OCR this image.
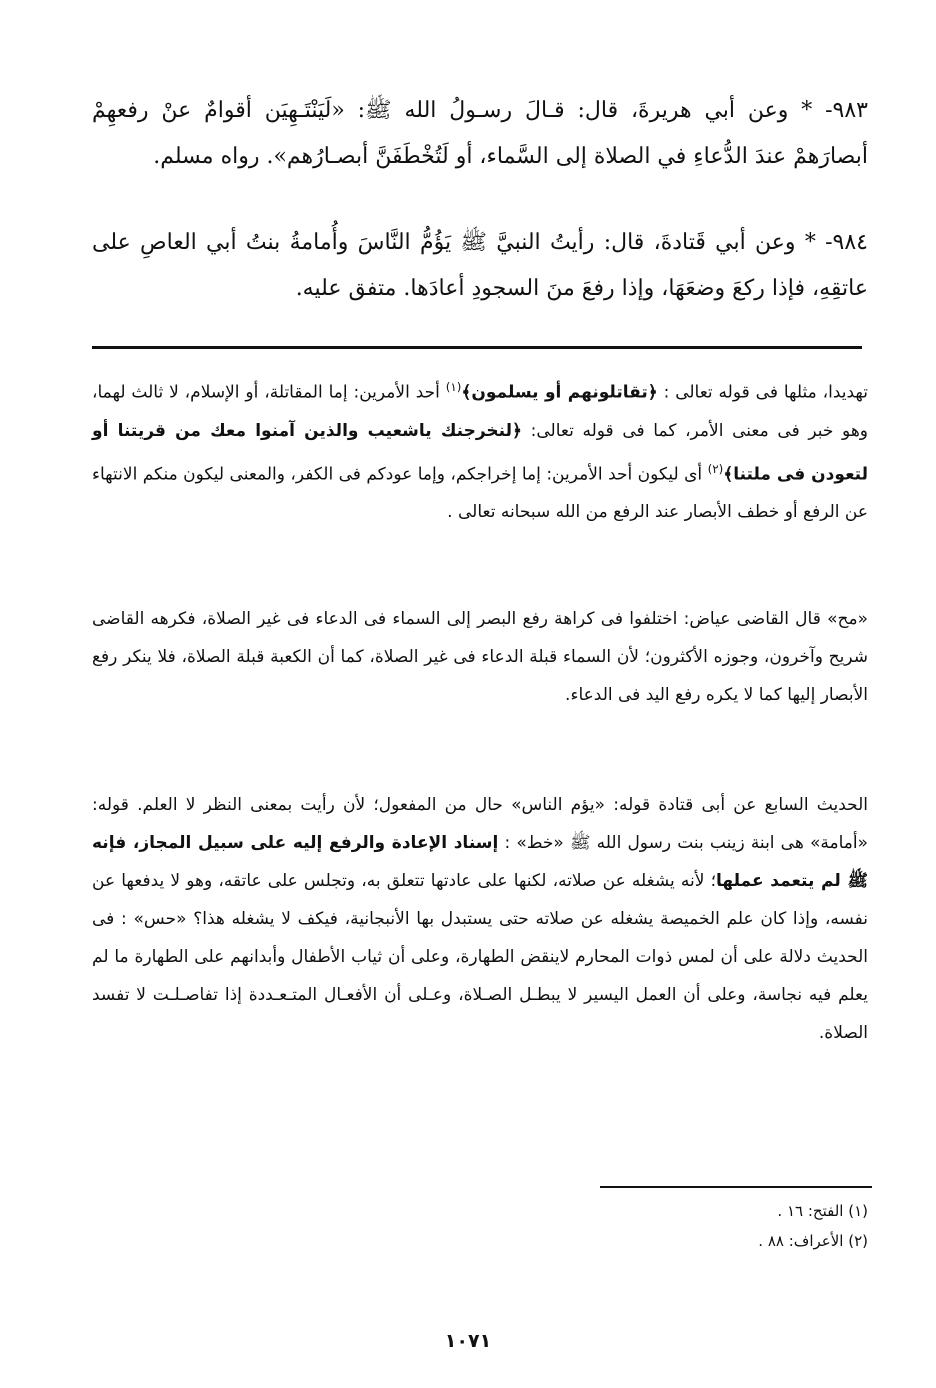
٩٨٣- * وعن أبي هريرةَ، قال: قـالَ رسـولُ الله ﷺ: «لَيَنْتَـهِيَن أقوامٌ عنْ رفعهِمْ أبصارَهمْ عندَ الدُّعاءِ في الصلاة إلى السَّماء، أو لَتُخْطَفَنَّ أبصـارُهم». رواه مسلم.

٩٨٤- * وعن أبي قَتادةَ، قال: رأيتُ النبيَّ ﷺ يَؤُمُّ النَّاسَ وأُمامةُ بنتُ أبي العاصِ على عاتقِهِ، فإذا ركعَ وضعَهَا، وإذا رفعَ منَ السجودِ أعادَها. متفق عليه.

تهديدا، مثلها فى قوله تعالى : ﴿تقاتلونهم أو يسلمون﴾$^{(١)}$ أحد الأمرين: إما المقاتلة، أو الإسلام، لا ثالث لهما، وهو خبر فى معنى الأمر، كما فى قوله تعالى: ﴿لنخرجنك ياشعيب والذين آمنوا معك من قريتنا أو لتعودن فى ملتنا﴾$^{(٢)}$ أى ليكون أحد الأمرين: إما إخراجكم، وإما عودكم فى الكفر، والمعنى ليكون منكم الانتهاء عن الرفع أو خطف الأبصار عند الرفع من الله سبحانه تعالى .

«مح» قال القاضى عياض: اختلفوا فى كراهة رفع البصر إلى السماء فى الدعاء فى غير الصلاة، فكرهه القاضى شريح وآخرون، وجوزه الأكثرون؛ لأن السماء قبلة الدعاء فى غير الصلاة، كما أن الكعبة قبلة الصلاة، فلا ينكر رفع الأبصار إليها كما لا يكره رفع اليد فى الدعاء.

الحديث السابع عن أبى قتادة قوله: «يؤم الناس» حال من المفعول؛ لأن رأيت بمعنى النظر لا العلم. قوله: «أمامة» هى ابنة زينب بنت رسول الله ﷺ «خط» : إسناد الإعادة والرفع إليه على سبيل المجاز، فإنه ﷺ لم يتعمد عملها؛ لأنه يشغله عن صلاته، لكنها على عادتها تتعلق به، وتجلس على عاتقه، وهو لا يدفعها عن نفسه، وإذا كان علم الخميصة يشغله عن صلاته حتى يستبدل بها الأنبجانية، فيكف لا يشغله هذا؟ «حس» : فى الحديث دلالة على أن لمس ذوات المحارم لاينقض الطهارة، وعلى أن ثياب الأطفال وأبدانهم على الطهارة ما لم يعلم فيه نجاسة، وعلى أن العمل اليسير لا يبطـل الصـلاة، وعـلى أن الأفعـال المتـعـددة إذا تفاصـلـت لا تفسد الصلاة.

(١) الفتح: ١٦ .
(٢) الأعراف: ٨٨ .
١٠٧١
